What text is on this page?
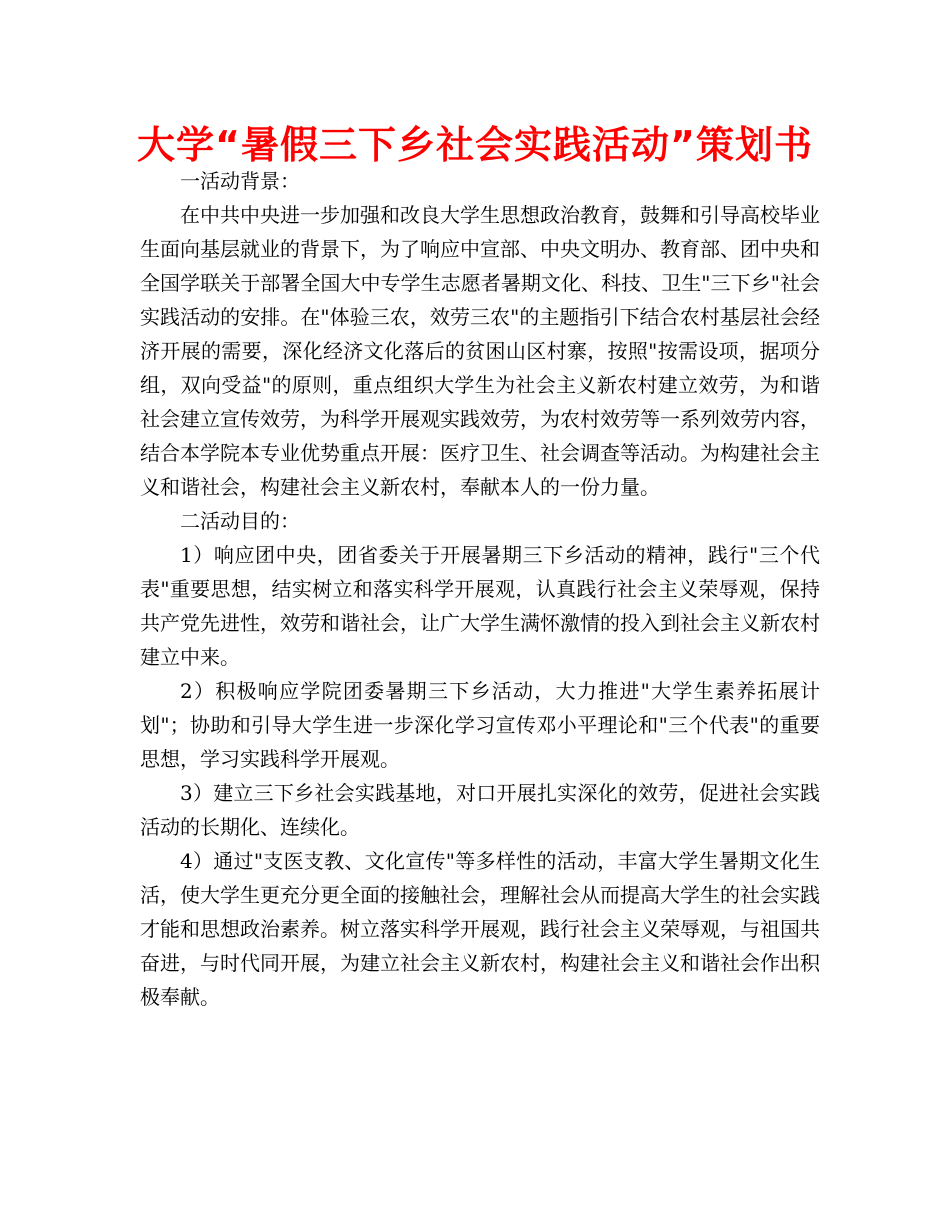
大学“暑假三下乡社会实践活动”策划书

一活动背景：

在中共中央进一步加强和改良大学生思想政治教育，鼓舞和引导高校毕业生面向基层就业的背景下，为了响应中宣部、中央文明办、教育部、团中央和全国学联关于部署全国大中专学生志愿者暑期文化、科技、卫生"三下乡"社会实践活动的安排。在"体验三农，效劳三农"的主题指引下结合农村基层社会经济开展的需要，深化经济文化落后的贫困山区村寨，按照"按需设项，据项分组，双向受益"的原则，重点组织大学生为社会主义新农村建立效劳，为和谐社会建立宣传效劳，为科学开展观实践效劳，为农村效劳等一系列效劳内容，结合本学院本专业优势重点开展：医疗卫生、社会调查等活动。为构建社会主义和谐社会，构建社会主义新农村，奉献本人的一份力量。

二活动目的：

1）响应团中央，团省委关于开展暑期三下乡活动的精神，践行"三个代表"重要思想，结实树立和落实科学开展观，认真践行社会主义荣辱观，保持共产党先进性，效劳和谐社会，让广大学生满怀激情的投入到社会主义新农村建立中来。

2）积极响应学院团委暑期三下乡活动，大力推进"大学生素养拓展计划"；协助和引导大学生进一步深化学习宣传邓小平理论和"三个代表"的重要思想，学习实践科学开展观。

3）建立三下乡社会实践基地，对口开展扎实深化的效劳，促进社会实践活动的长期化、连续化。

4）通过"支医支教、文化宣传"等多样性的活动，丰富大学生暑期文化生活，使大学生更充分更全面的接触社会，理解社会从而提高大学生的社会实践才能和思想政治素养。树立落实科学开展观，践行社会主义荣辱观，与祖国共奋进，与时代同开展，为建立社会主义新农村，构建社会主义和谐社会作出积极奉献。
